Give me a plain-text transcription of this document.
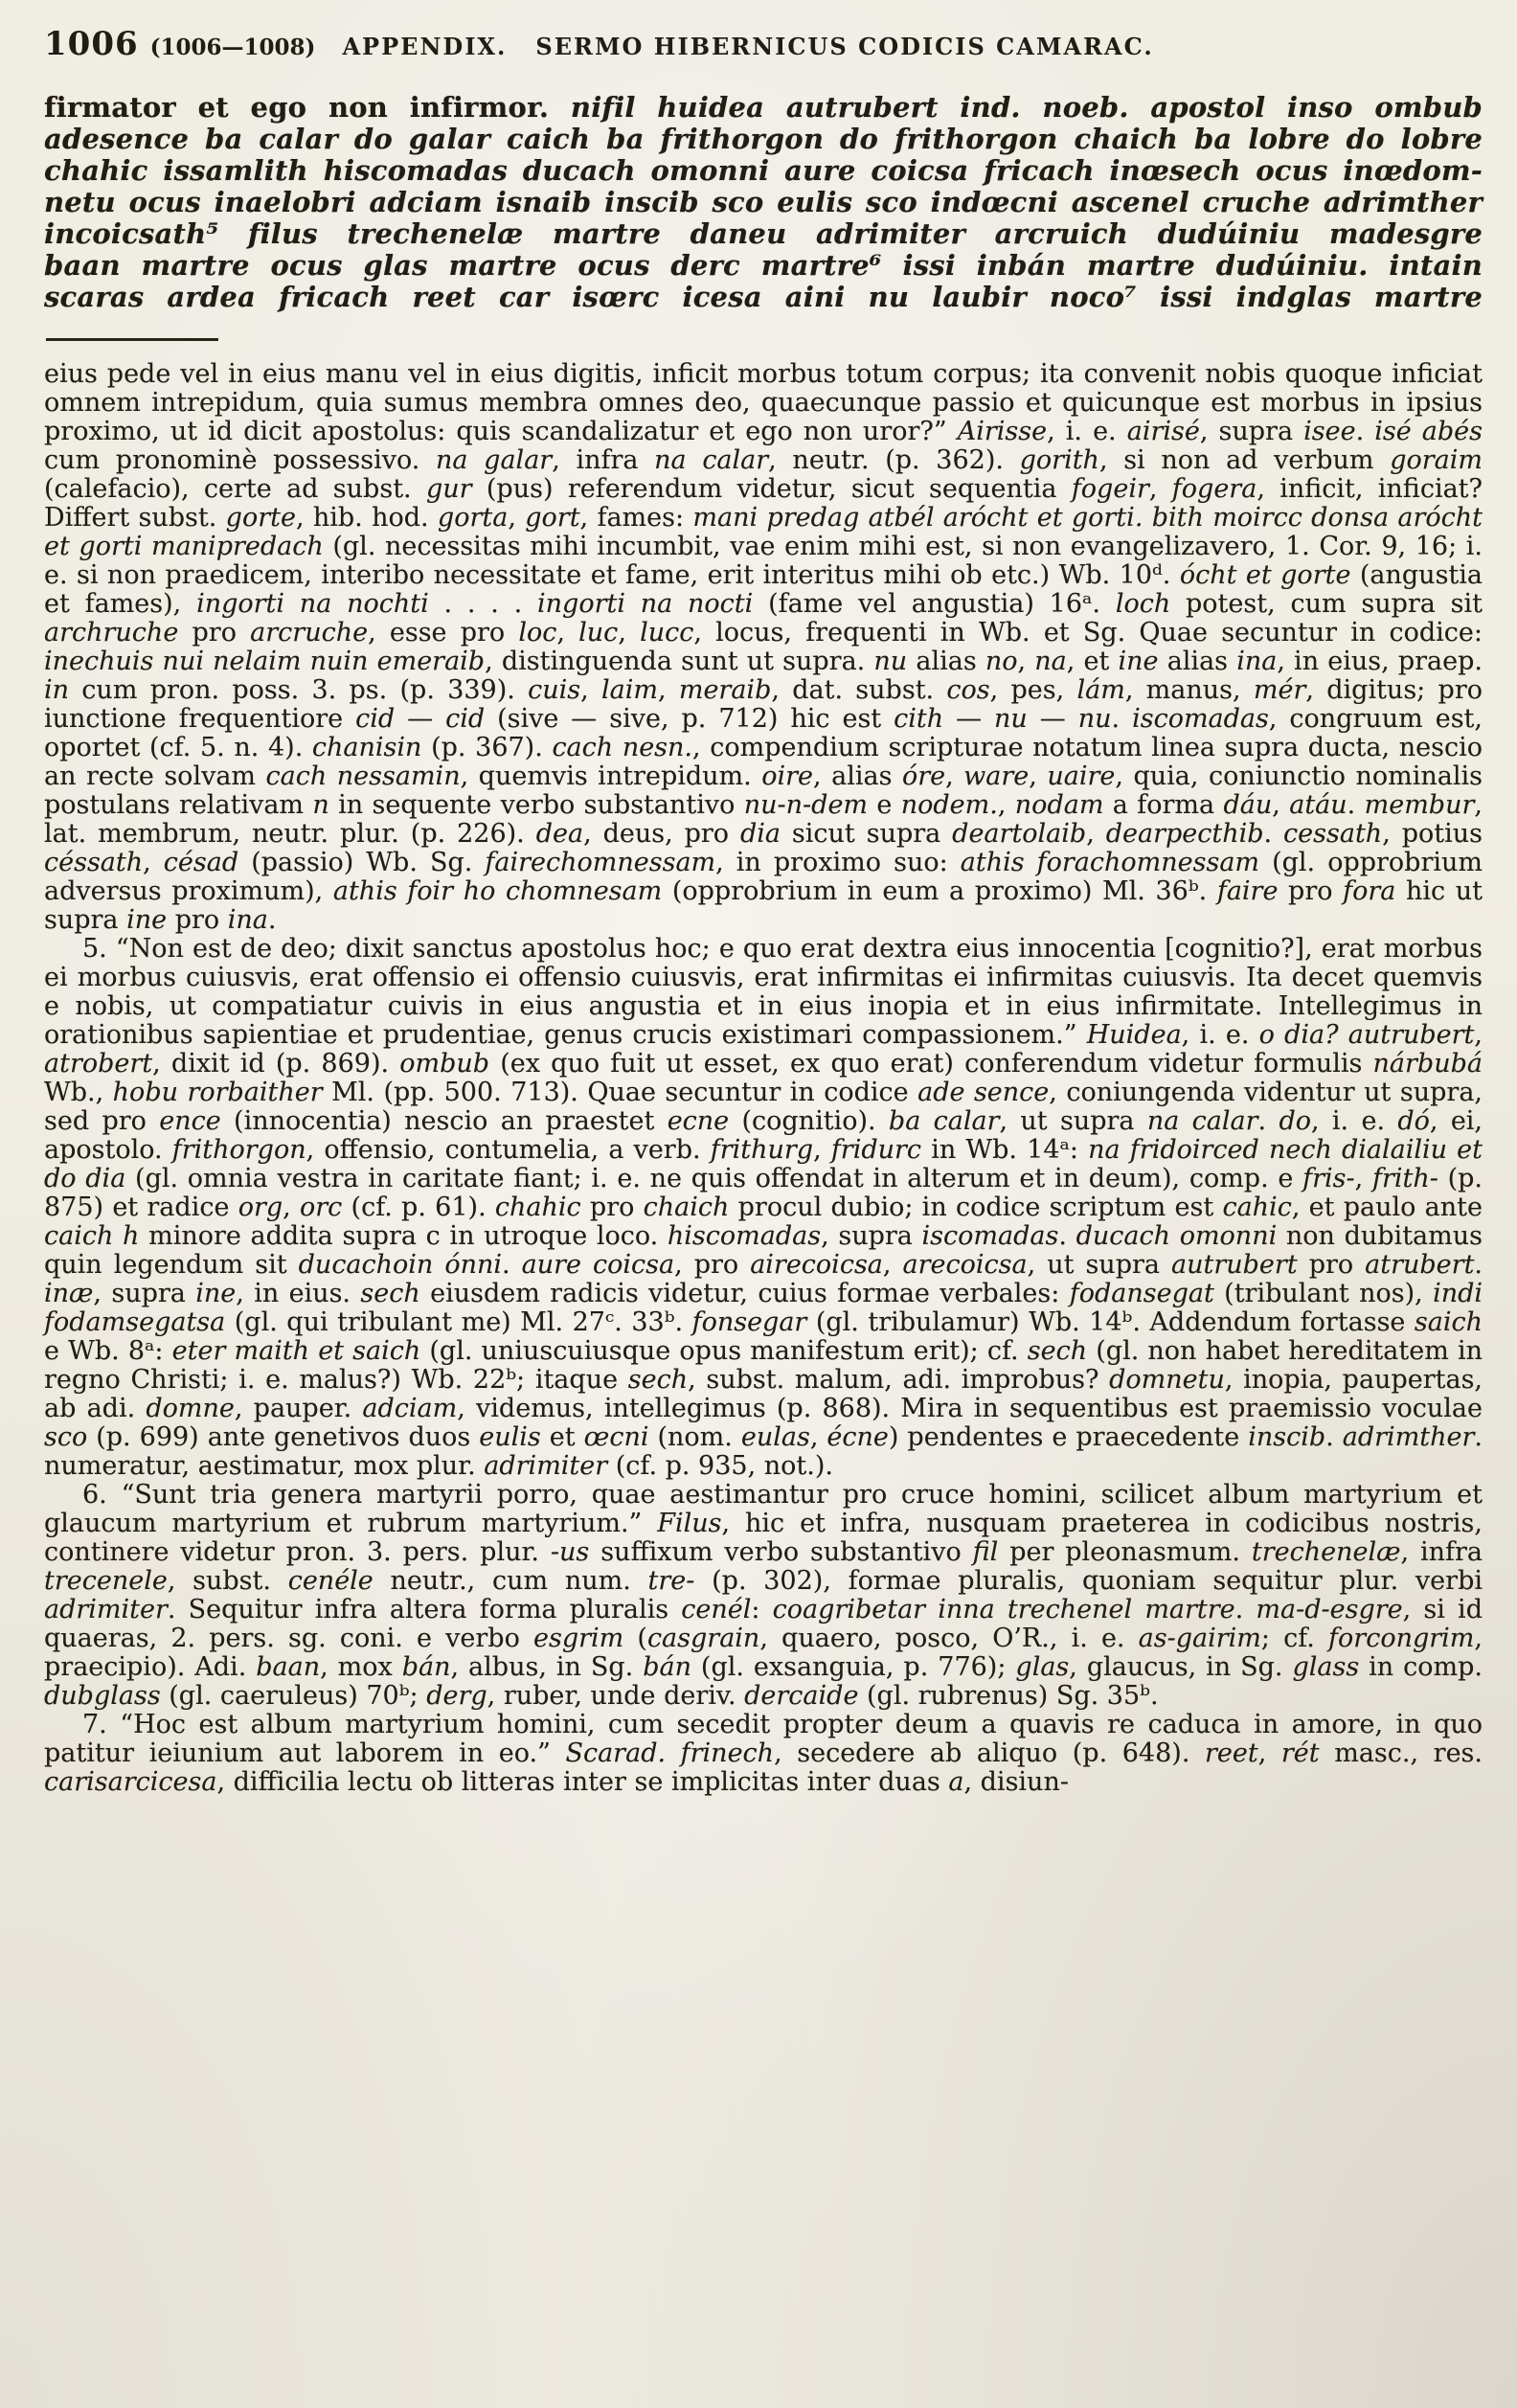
1006 (1006—1008) APPENDIX. SERMO HIBERNICUS CODICIS CAMARAC.
firmator et ego non infirmor. nifil huidea autrubert ind. noeb. apostol inso ombub
adesence ba calar do galar caich ba frithorgon do frithorgon chaich ba lobre do lobre
chahic issamlith hiscomadas ducach omonni aure coicsa fricach inœsech ocus inœdom-
netu ocus inaelobri adciam isnaib inscib sco eulis sco indœcni ascenel cruche adrimther
incoicsath⁵ filus trechenelæ martre daneu adrimiter arcruich dudúiniu madesgre
baan martre ocus glas martre ocus derc martre⁶ issi inbán martre dudúiniu. intain
scaras ardea fricach reet car isœrc icesa aini nu laubir noco⁷ issi indglas martre
eius pede vel in eius manu vel in eius digitis, inficit morbus totum corpus; ita convenit nobis quoque inficiat omnem intrepidum, quia sumus membra omnes deo, quaecunque passio et quicunque est morbus in ipsius proximo, ut id dicit apostolus: quis scandalizatur et ego non uror?” Airisse, i. e. airisé, supra isee. isé abés cum pronominè possessivo. na galar, infra na calar, neutr. (p. 362). gorith, si non ad verbum goraim (calefacio), certe ad subst. gur (pus) referendum videtur, sicut sequentia fogeir, fogera, inficit, inficiat? Differt subst. gorte, hib. hod. gorta, gort, fames: mani predag atbél arócht et gorti. bith moircc donsa arócht et gorti manipredach (gl. necessitas mihi incumbit, vae enim mihi est, si non evangelizavero, 1. Cor. 9, 16; i. e. si non praedicem, interibo necessitate et fame, erit interitus mihi ob etc.) Wb. 10ᵈ. ócht et gorte (angustia et fames), ingorti na nochti . . . . ingorti na nocti (fame vel angustia) 16ᵃ. loch potest, cum supra sit archruche pro arcruche, esse pro loc, luc, lucc, locus, frequenti in Wb. et Sg. Quae secuntur in codice: inechuis nui nelaim nuin emeraib, distinguenda sunt ut supra. nu alias no, na, et ine alias ina, in eius, praep. in cum pron. poss. 3. ps. (p. 339). cuis, laim, meraib, dat. subst. cos, pes, lám, manus, mér, digitus; pro iunctione frequentiore cid — cid (sive — sive, p. 712) hic est cith — nu — nu. iscomadas, congruum est, oportet (cf. 5. n. 4). chanisin (p. 367). cach nesn., compendium scripturae notatum linea supra ducta, nescio an recte solvam cach nessamin, quemvis intrepidum. oire, alias óre, ware, uaire, quia, coniunctio nominalis postulans relativam n in sequente verbo substantivo nu-n-dem e nodem., nodam a forma dáu, atáu. membur, lat. membrum, neutr. plur. (p. 226). dea, deus, pro dia sicut supra deartolaib, dearpecthib. cessath, potius céssath, césad (passio) Wb. Sg. fairechomnessam, in proximo suo: athis forachomnessam (gl. opprobrium adversus proximum), athis foir ho chomnesam (opprobrium in eum a proximo) Ml. 36ᵇ. faire pro fora hic ut supra ine pro ina.
5. “Non est de deo; dixit sanctus apostolus hoc; e quo erat dextra eius innocentia [cognitio?], erat morbus ei morbus cuiusvis, erat offensio ei offensio cuiusvis, erat infirmitas ei infirmitas cuiusvis. Ita decet quemvis e nobis, ut compatiatur cuivis in eius angustia et in eius inopia et in eius infirmitate. Intellegimus in orationibus sapientiae et prudentiae, genus crucis existimari compassionem.” Huidea, i. e. o dia? autrubert, atrobert, dixit id (p. 869). ombub (ex quo fuit ut esset, ex quo erat) conferendum videtur formulis nárbubá Wb., hobu rorbaither Ml. (pp. 500. 713). Quae secuntur in codice ade sence, coniungenda videntur ut supra, sed pro ence (innocentia) nescio an praestet ecne (cognitio). ba calar, ut supra na calar. do, i. e. dó, ei, apostolo. frithorgon, offensio, contumelia, a verb. frithurg, fridurc in Wb. 14ᵃ: na fridoirced nech dialailiu et do dia (gl. omnia vestra in caritate fiant; i. e. ne quis offendat in alterum et in deum), comp. e fris-, frith- (p. 875) et radice org, orc (cf. p. 61). chahic pro chaich procul dubio; in codice scriptum est cahic, et paulo ante caich h minore addita supra c in utroque loco. hiscomadas, supra iscomadas. ducach omonni non dubitamus quin legendum sit ducachoin ónni. aure coicsa, pro airecoicsa, arecoicsa, ut supra autrubert pro atrubert. inæ, supra ine, in eius. sech eiusdem radicis videtur, cuius formae verbales: fodansegat (tribulant nos), indi fodamsegatsa (gl. qui tribulant me) Ml. 27ᶜ. 33ᵇ. fonsegar (gl. tribulamur) Wb. 14ᵇ. Addendum fortasse saich e Wb. 8ᵃ: eter maith et saich (gl. uniuscuiusque opus manifestum erit); cf. sech (gl. non habet hereditatem in regno Christi; i. e. malus?) Wb. 22ᵇ; itaque sech, subst. malum, adi. improbus? domnetu, inopia, paupertas, ab adi. domne, pauper. adciam, videmus, intellegimus (p. 868). Mira in sequentibus est praemissio voculae sco (p. 699) ante genetivos duos eulis et œcni (nom. eulas, écne) pendentes e praecedente inscib. adrimther. numeratur, aestimatur, mox plur. adrimiter (cf. p. 935, not.).
6. “Sunt tria genera martyrii porro, quae aestimantur pro cruce homini, scilicet album martyrium et glaucum martyrium et rubrum martyrium.” Filus, hic et infra, nusquam praeterea in codicibus nostris, continere videtur pron. 3. pers. plur. -us suffixum verbo substantivo fil per pleonasmum. trechenelæ, infra trecenele, subst. cenéle neutr., cum num. tre- (p. 302), formae pluralis, quoniam sequitur plur. verbi adrimiter. Sequitur infra altera forma pluralis cenél: coagribetar inna trechenel martre. ma-d-esgre, si id quaeras, 2. pers. sg. coni. e verbo esgrim (casgrain, quaero, posco, O’R., i. e. as-gairim; cf. forcongrim, praecipio). Adi. baan, mox bán, albus, in Sg. bán (gl. exsanguia, p. 776); glas, glaucus, in Sg. glass in comp. dubglass (gl. caeruleus) 70ᵇ; derg, ruber, unde deriv. dercaide (gl. rubrenus) Sg. 35ᵇ.
7. “Hoc est album martyrium homini, cum secedit propter deum a quavis re caduca in amore, in quo patitur ieiunium aut laborem in eo.” Scarad. frinech, secedere ab aliquo (p. 648). reet, rét masc., res. carisarcicesa, difficilia lectu ob litteras inter se implicitas inter duas a, disiun-
